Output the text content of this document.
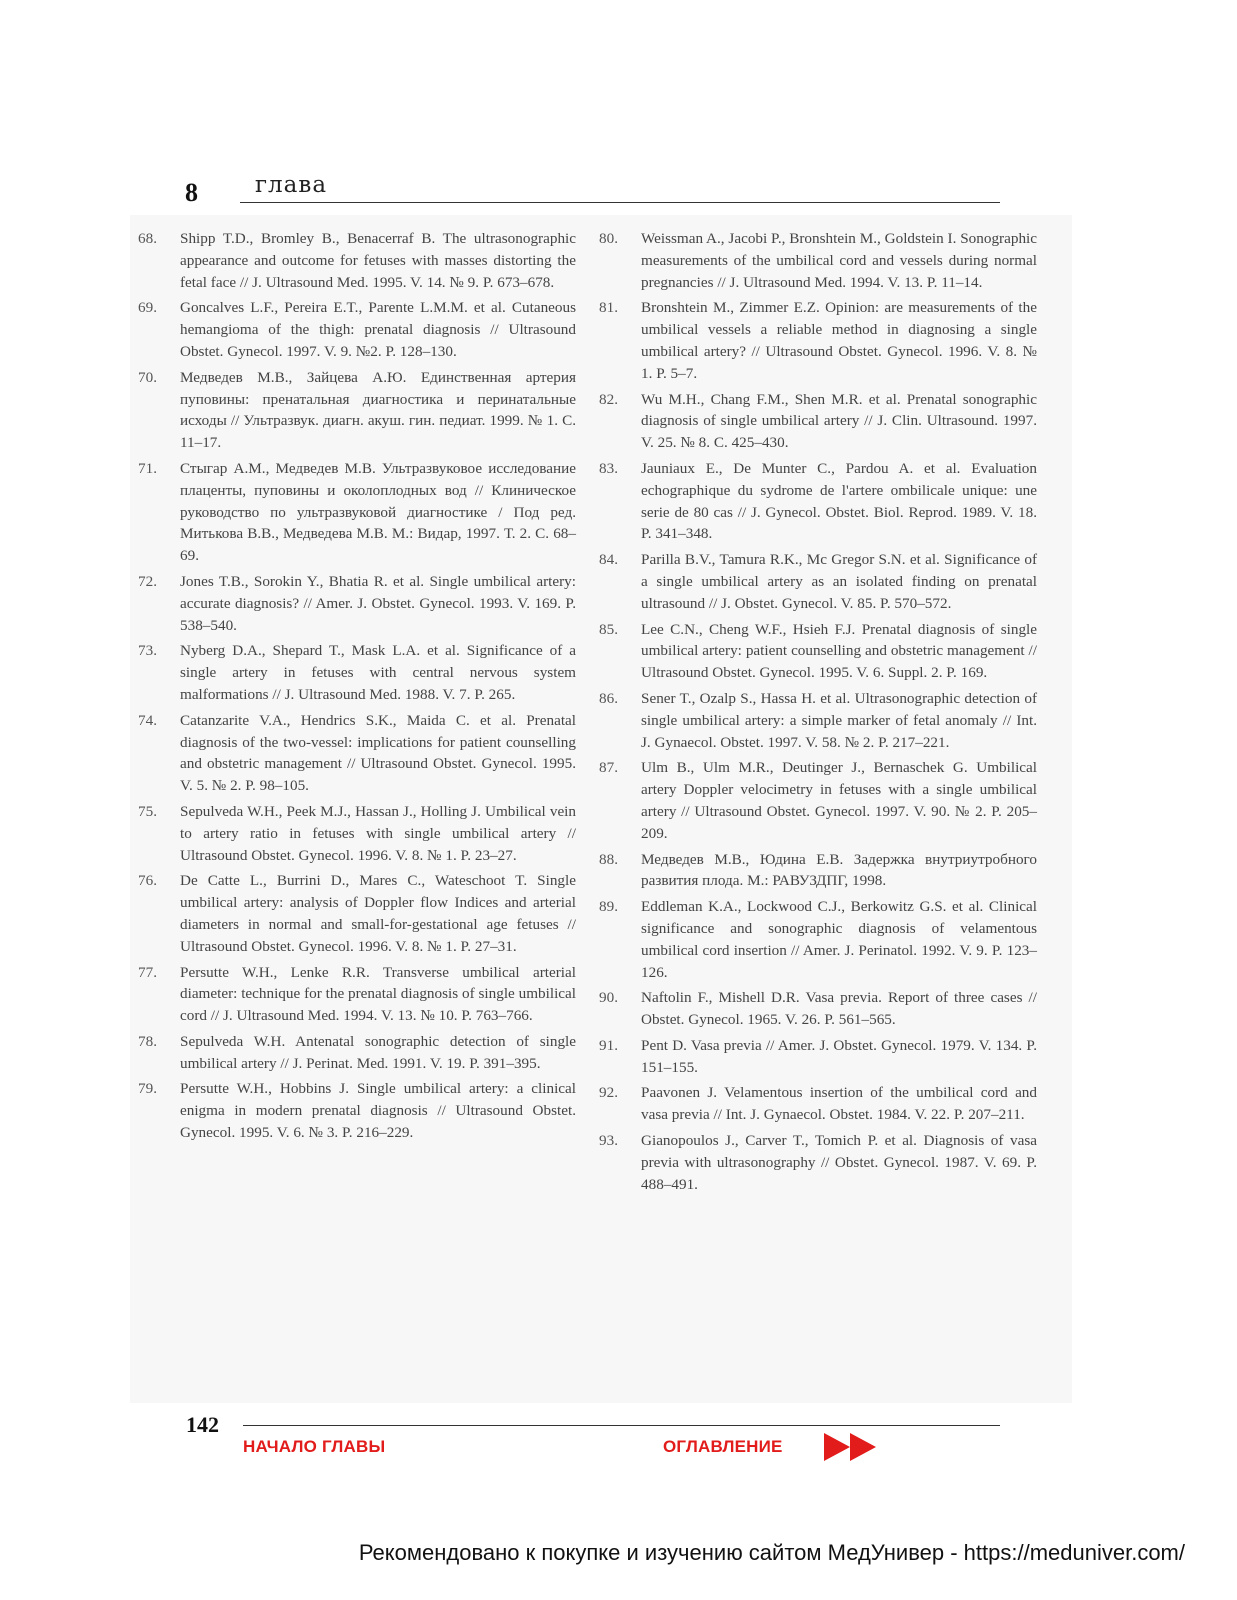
8 глава
68. Shipp T.D., Bromley B., Benacerraf B. The ultrasonographic appearance and outcome for fetuses with masses distorting the fetal face // J. Ultrasound Med. 1995. V. 14. № 9. P. 673–678.
69. Goncalves L.F., Pereira E.T., Parente L.M.M. et al. Cutaneous hemangioma of the thigh: prenatal diagnosis // Ultrasound Obstet. Gynecol. 1997. V. 9. №2. P. 128–130.
70. Медведев М.В., Зайцева А.Ю. Единственная артерия пуповины: пренатальная диагностика и перинатальные исходы // Ультразвук. диагн. акуш. гин. педиат. 1999. № 1. С. 11–17.
71. Стыгар А.М., Медведев М.В. Ультразвуковое исследование плаценты, пуповины и околоплодных вод // Клиническое руководство по ультразвуковой диагностике / Под ред. Митькова В.В., Медведева М.В. М.: Видар, 1997. Т. 2. С. 68–69.
72. Jones T.B., Sorokin Y., Bhatia R. et al. Single umbilical artery: accurate diagnosis? // Amer. J. Obstet. Gynecol. 1993. V. 169. P. 538–540.
73. Nyberg D.A., Shepard T., Mask L.A. et al. Significance of a single artery in fetuses with central nervous system malformations // J. Ultrasound Med. 1988. V. 7. P. 265.
74. Catanzarite V.A., Hendrics S.K., Maida C. et al. Prenatal diagnosis of the two-vessel: implications for patient counselling and obstetric management // Ultrasound Obstet. Gynecol. 1995. V. 5. № 2. P. 98–105.
75. Sepulveda W.H., Peek M.J., Hassan J., Holling J. Umbilical vein to artery ratio in fetuses with single umbilical artery // Ultrasound Obstet. Gynecol. 1996. V. 8. № 1. P. 23–27.
76. De Catte L., Burrini D., Mares C., Wateschoot T. Single umbilical artery: analysis of Doppler flow Indices and arterial diameters in normal and small-for-gestational age fetuses // Ultrasound Obstet. Gynecol. 1996. V. 8. № 1. P. 27–31.
77. Persutte W.H., Lenke R.R. Transverse umbilical arterial diameter: technique for the prenatal diagnosis of single umbilical cord // J. Ultrasound Med. 1994. V. 13. № 10. P. 763–766.
78. Sepulveda W.H. Antenatal sonographic detection of single umbilical artery // J. Perinat. Med. 1991. V. 19. P. 391–395.
79. Persutte W.H., Hobbins J. Single umbilical artery: a clinical enigma in modern prenatal diagnosis // Ultrasound Obstet. Gynecol. 1995. V. 6. № 3. P. 216–229.
80. Weissman A., Jacobi P., Bronshtein M., Goldstein I. Sonographic measurements of the umbilical cord and vessels during normal pregnancies // J. Ultrasound Med. 1994. V. 13. P. 11–14.
81. Bronshtein M., Zimmer E.Z. Opinion: are measurements of the umbilical vessels a reliable method in diagnosing a single umbilical artery? // Ultrasound Obstet. Gynecol. 1996. V. 8. № 1. P. 5–7.
82. Wu M.H., Chang F.M., Shen M.R. et al. Prenatal sonographic diagnosis of single umbilical artery // J. Clin. Ultrasound. 1997. V. 25. № 8. C. 425–430.
83. Jauniaux E., De Munter C., Pardou A. et al. Evaluation echographique du sydrome de l'artere ombilicale unique: une serie de 80 cas // J. Gynecol. Obstet. Biol. Reprod. 1989. V. 18. P. 341–348.
84. Parilla B.V., Tamura R.K., Mc Gregor S.N. et al. Significance of a single umbilical artery as an isolated finding on prenatal ultrasound // J. Obstet. Gynecol. V. 85. P. 570–572.
85. Lee C.N., Cheng W.F., Hsieh F.J. Prenatal diagnosis of single umbilical artery: patient counselling and obstetric management // Ultrasound Obstet. Gynecol. 1995. V. 6. Suppl. 2. P. 169.
86. Sener T., Ozalp S., Hassa H. et al. Ultrasonographic detection of single umbilical artery: a simple marker of fetal anomaly // Int. J. Gynaecol. Obstet. 1997. V. 58. № 2. P. 217–221.
87. Ulm B., Ulm M.R., Deutinger J., Bernaschek G. Umbilical artery Doppler velocimetry in fetuses with a single umbilical artery // Ultrasound Obstet. Gynecol. 1997. V. 90. № 2. P. 205–209.
88. Медведев М.В., Юдина Е.В. Задержка внутриутробного развития плода. М.: РАВУЗДПГ, 1998.
89. Eddleman K.A., Lockwood C.J., Berkowitz G.S. et al. Clinical significance and sonographic diagnosis of velamentous umbilical cord insertion // Amer. J. Perinatol. 1992. V. 9. P. 123–126.
90. Naftolin F., Mishell D.R. Vasa previa. Report of three cases // Obstet. Gynecol. 1965. V. 26. P. 561–565.
91. Pent D. Vasa previa // Amer. J. Obstet. Gynecol. 1979. V. 134. P. 151–155.
92. Paavonen J. Velamentous insertion of the umbilical cord and vasa previa // Int. J. Gynaecol. Obstet. 1984. V. 22. P. 207–211.
93. Gianopoulos J., Carver T., Tomich P. et al. Diagnosis of vasa previa with ultrasonography // Obstet. Gynecol. 1987. V. 69. P. 488–491.
142
НАЧАЛО ГЛАВЫ	ОГЛАВЛЕНИЕ
Рекомендовано к покупке и изучению сайтом МедУнивер - https://meduniver.com/
